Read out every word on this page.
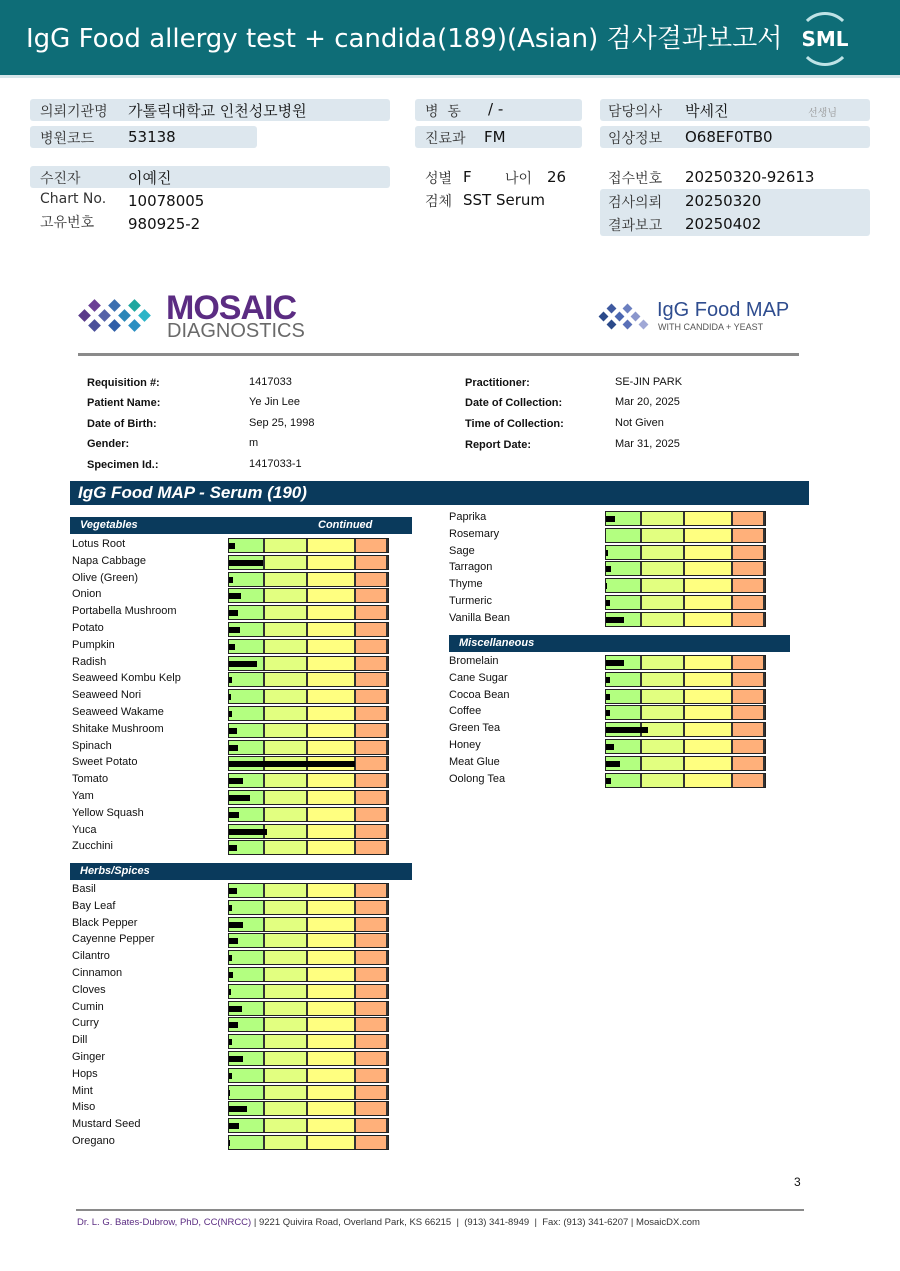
IgG Food allergy test + candida(189)(Asian) 검사결과보고서 SML
의뢰기관명 가톨릭대학교 인천성모병원
병원코드 53138
병  동 / -
진료과 FM
담당의사 박세진	선생님
임상정보 O68EF0TB0
수진자	이예진
Chart No. 10078005
고유번호 980925-2
성별 F 나이 26
검체 SST Serum
접수번호 20250320-92613
검사의뢰 20250320
결과보고 20250402
MOSAIC
DIAGNOSTICS
IgG Food MAP
WITH CANDIDA + YEAST
Requisition #:	1417033
Patient Name:	Ye Jin Lee
Date of Birth:	Sep 25, 1998
Gender:	m
Specimen Id.:	1417033-1
Practitioner:	SE-JIN PARK
Date of Collection:	Mar 20, 2025
Time of Collection:	Not Given
Report Date:	Mar 31, 2025
IgG Food MAP - Serum (190)
Vegetables	Continued
Lotus Root
Napa Cabbage
Olive (Green)
Onion
Portabella Mushroom
Potato
Pumpkin
Radish
Seaweed Kombu Kelp
Seaweed Nori
Seaweed Wakame
Shitake Mushroom
Spinach
Sweet Potato
Tomato
Yam
Yellow Squash
Yuca
Zucchini
Herbs/Spices
Basil
Bay Leaf
Black Pepper
Cayenne Pepper
Cilantro
Cinnamon
Cloves
Cumin
Curry
Dill
Ginger
Hops
Mint
Miso
Mustard Seed
Oregano
Paprika
Rosemary
Sage
Tarragon
Thyme
Turmeric
Vanilla Bean
Miscellaneous
Bromelain
Cane Sugar
Cocoa Bean
Coffee
Green Tea
Honey
Meat Glue
Oolong Tea
3
Dr. L. G. Bates-Dubrow, PhD, CC(NRCC) | 9221 Quivira Road, Overland Park, KS 66215  |  (913) 341-8949  |  Fax: (913) 341-6207 | MosaicDX.com
